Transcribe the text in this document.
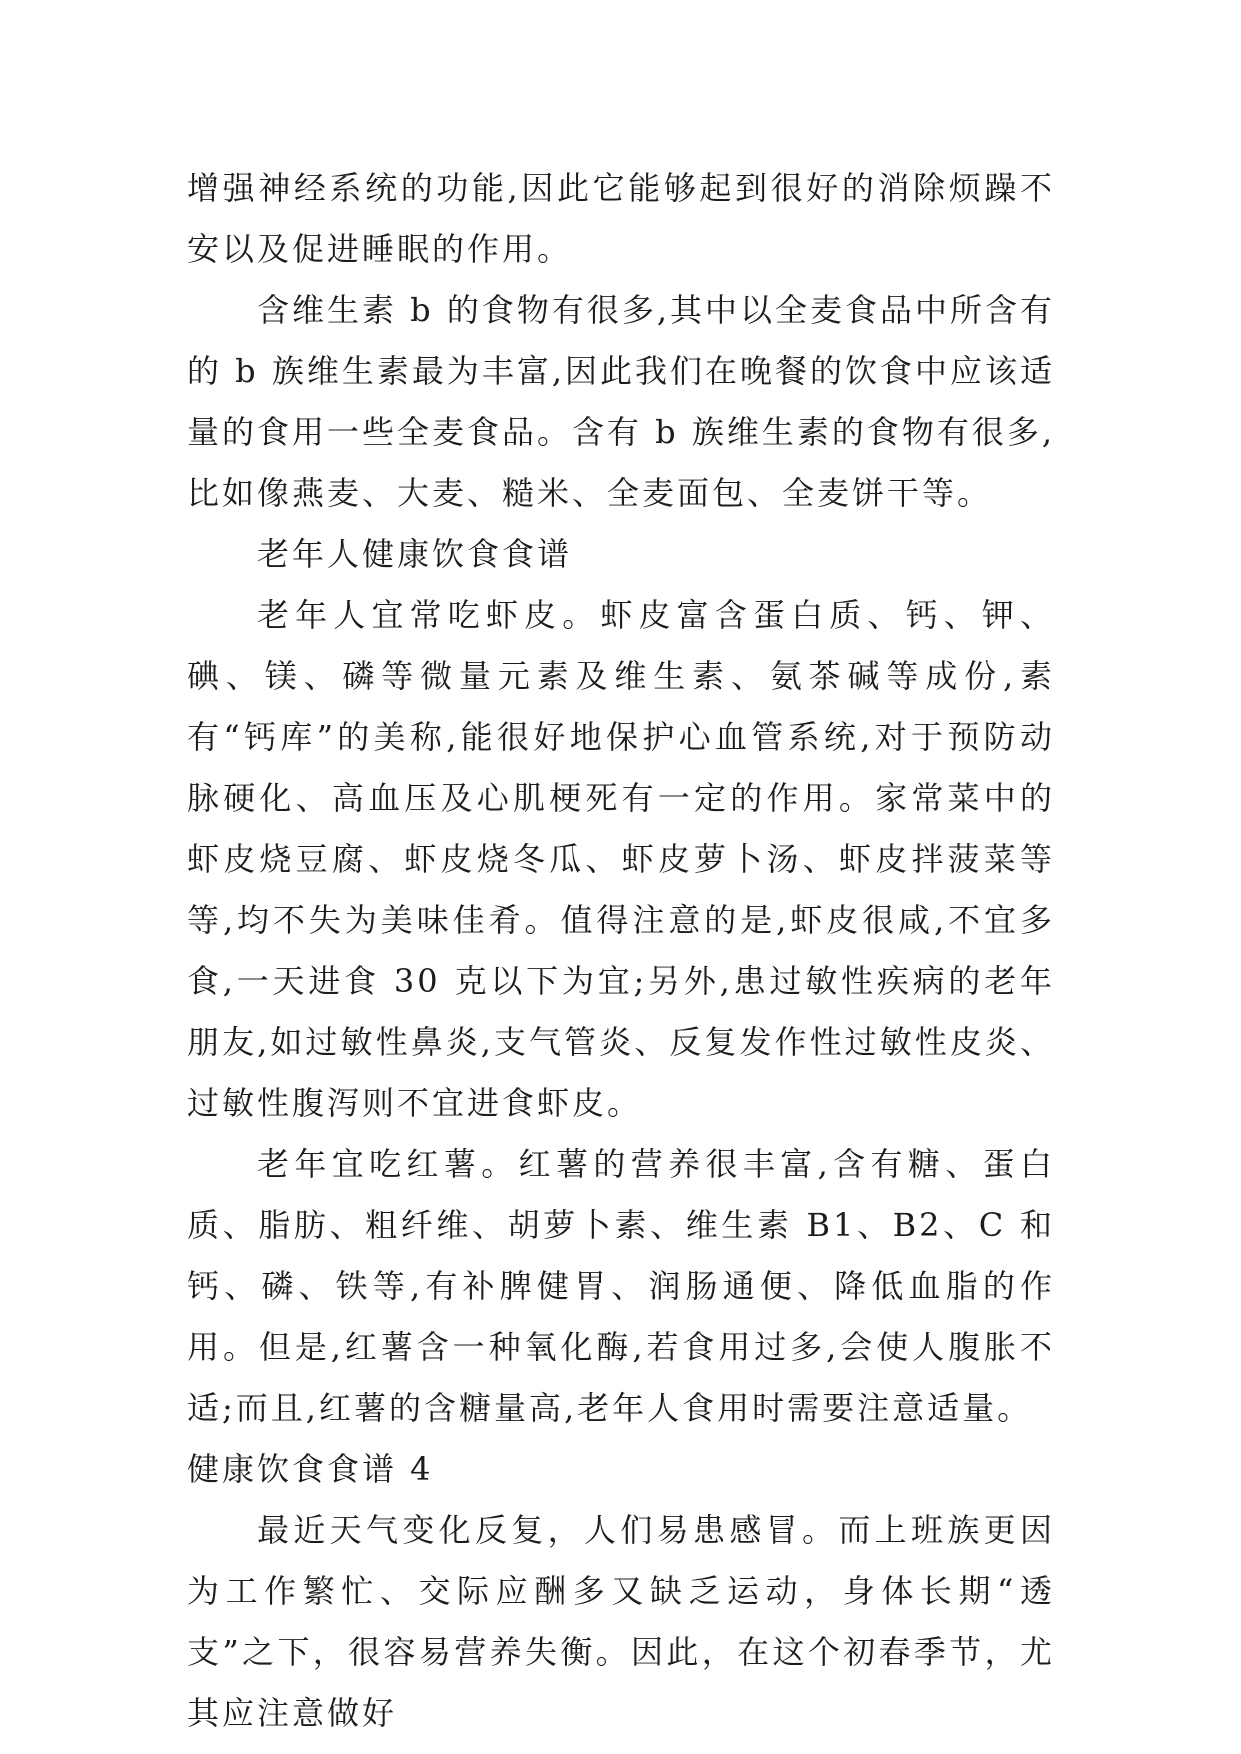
增强神经系统的功能,因此它能够起到很好的消除烦躁不安以及促进睡眠的作用。

含维生素 b 的食物有很多,其中以全麦食品中所含有的 b 族维生素最为丰富,因此我们在晚餐的饮食中应该适量的食用一些全麦食品。含有 b 族维生素的食物有很多,比如像燕麦、大麦、糙米、全麦面包、全麦饼干等。

老年人健康饮食食谱

老年人宜常吃虾皮。虾皮富含蛋白质、钙、钾、碘、镁、磷等微量元素及维生素、氨茶碱等成份,素有“钙库”的美称,能很好地保护心血管系统,对于预防动脉硬化、高血压及心肌梗死有一定的作用。家常菜中的虾皮烧豆腐、虾皮烧冬瓜、虾皮萝卜汤、虾皮拌菠菜等等,均不失为美味佳肴。值得注意的是,虾皮很咸,不宜多食,一天进食 30 克以下为宜;另外,患过敏性疾病的老年朋友,如过敏性鼻炎,支气管炎、反复发作性过敏性皮炎、过敏性腹泻则不宜进食虾皮。

老年宜吃红薯。红薯的营养很丰富,含有糖、蛋白质、脂肪、粗纤维、胡萝卜素、维生素 B1、B2、C 和钙、磷、铁等,有补脾健胃、润肠通便、降低血脂的作用。但是,红薯含一种氧化酶,若食用过多,会使人腹胀不适;而且,红薯的含糖量高,老年人食用时需要注意适量。

健康饮食食谱 4

最近天气变化反复，人们易患感冒。而上班族更因为工作繁忙、交际应酬多又缺乏运动，身体长期“透支”之下，很容易营养失衡。因此，在这个初春季节，尤其应注意做好
